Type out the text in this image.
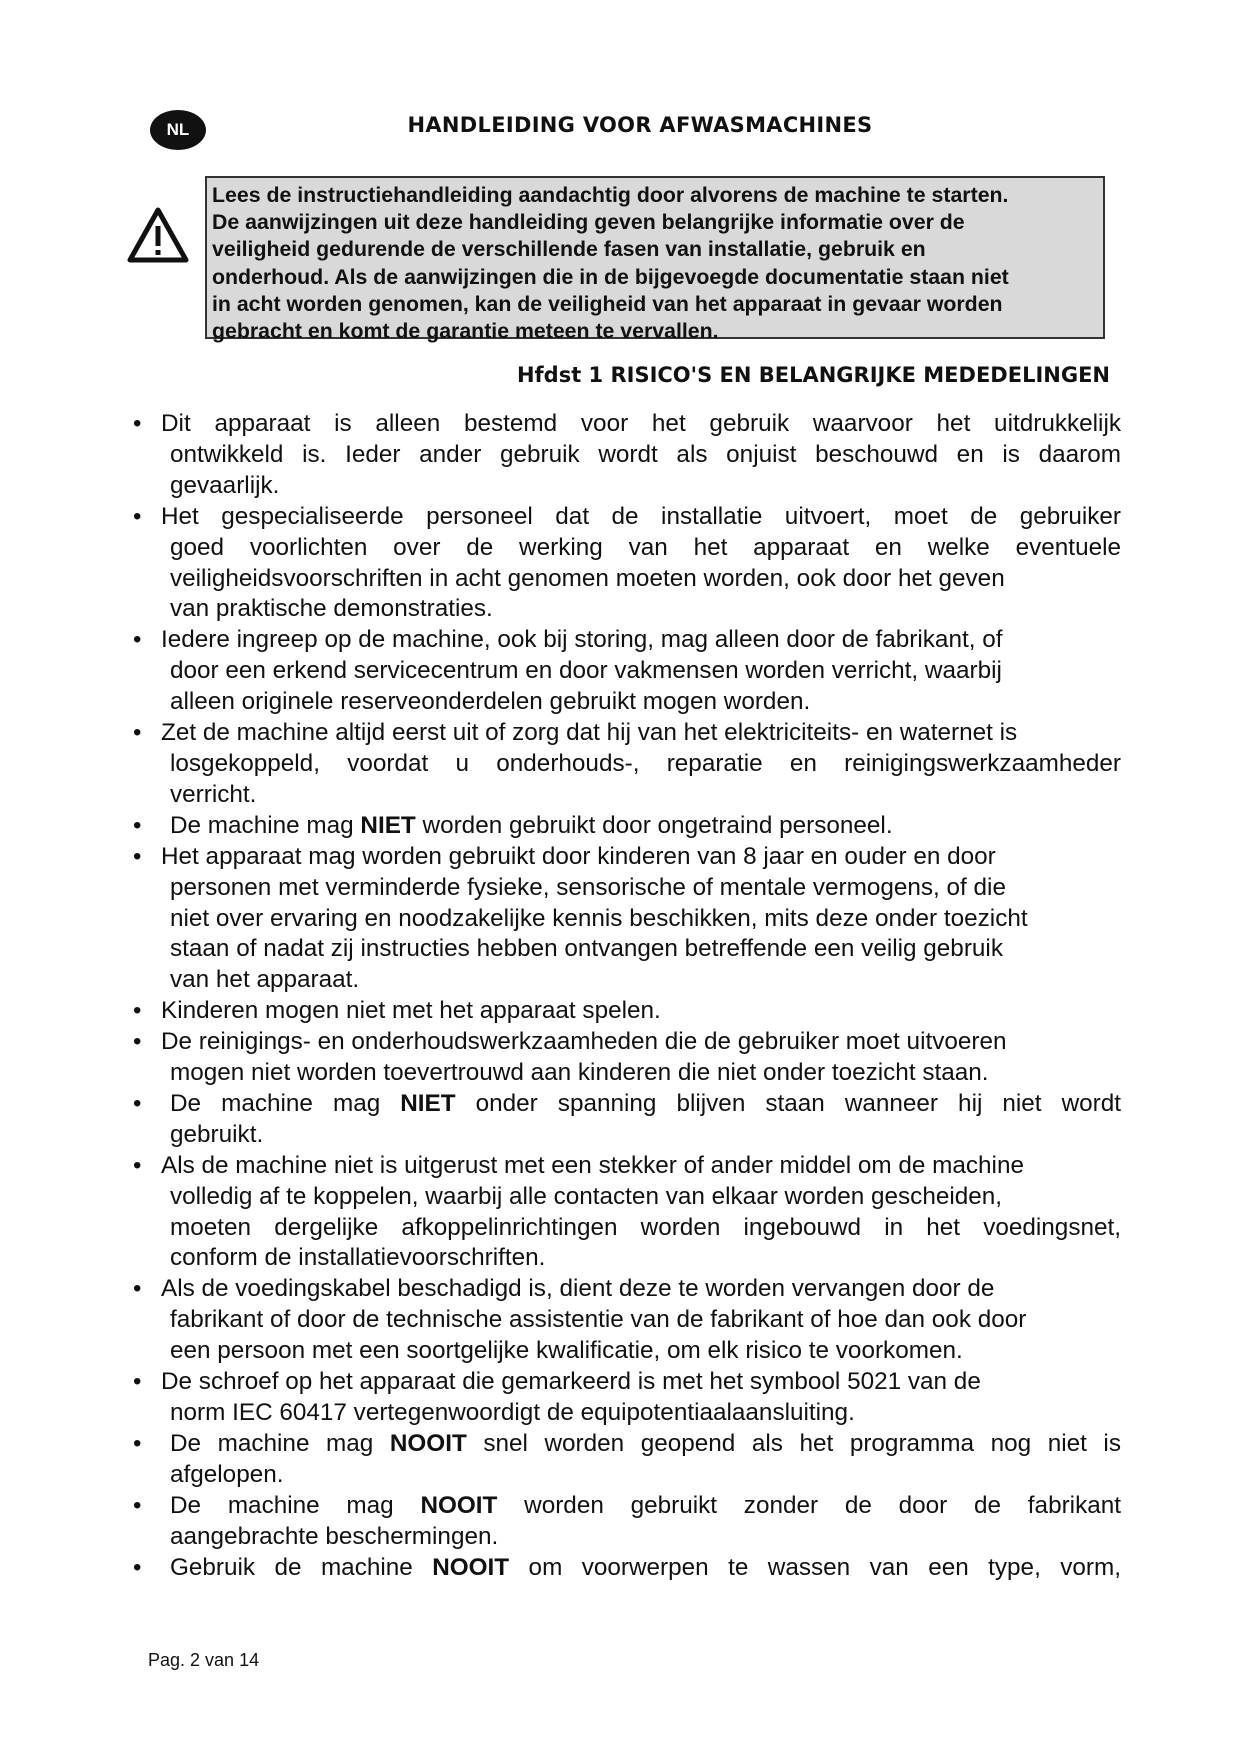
NL	HANDLEIDING VOOR AFWASMACHINES
Lees de instructiehandleiding aandachtig door alvorens de machine te starten.
De aanwijzingen uit deze handleiding geven belangrijke informatie over de
veiligheid gedurende de verschillende fasen van installatie, gebruik en
onderhoud. Als de aanwijzingen die in de bijgevoegde documentatie staan niet
in acht worden genomen, kan de veiligheid van het apparaat in gevaar worden
gebracht en komt de garantie meteen te vervallen.
Hfdst 1 RISICO'S EN BELANGRIJKE MEDEDELINGEN
• Dit apparaat is alleen bestemd voor het gebruik waarvoor het uitdrukkelijk
ontwikkeld is. Ieder ander gebruik wordt als onjuist beschouwd en is daarom
gevaarlijk.
• Het gespecialiseerde personeel dat de installatie uitvoert, moet de gebruiker
goed voorlichten over de werking van het apparaat en welke eventuele
veiligheidsvoorschriften in acht genomen moeten worden, ook door het geven
van praktische demonstraties.
• Iedere ingreep op de machine, ook bij storing, mag alleen door de fabrikant, of
door een erkend servicecentrum en door vakmensen worden verricht, waarbij
alleen originele reserveonderdelen gebruikt mogen worden.
• Zet de machine altijd eerst uit of zorg dat hij van het elektriciteits- en waternet is
losgekoppeld, voordat u onderhouds-, reparatie en reinigingswerkzaamheder
verricht.
•	De machine mag NIET worden gebruikt door ongetraind personeel.
• Het apparaat mag worden gebruikt door kinderen van 8 jaar en ouder en door
personen met verminderde fysieke, sensorische of mentale vermogens, of die
niet over ervaring en noodzakelijke kennis beschikken, mits deze onder toezicht
staan of nadat zij instructies hebben ontvangen betreffende een veilig gebruik
van het apparaat.
• Kinderen mogen niet met het apparaat spelen.
• De reinigings- en onderhoudswerkzaamheden die de gebruiker moet uitvoeren
mogen niet worden toevertrouwd aan kinderen die niet onder toezicht staan.
•	De machine mag NIET onder spanning blijven staan wanneer hij niet wordt
gebruikt.
• Als de machine niet is uitgerust met een stekker of ander middel om de machine
volledig af te koppelen, waarbij alle contacten van elkaar worden gescheiden,
moeten dergelijke afkoppelinrichtingen worden ingebouwd in het voedingsnet,
conform de installatievoorschriften.
• Als de voedingskabel beschadigd is, dient deze te worden vervangen door de
fabrikant of door de technische assistentie van de fabrikant of hoe dan ook door
een persoon met een soortgelijke kwalificatie, om elk risico te voorkomen.
• De schroef op het apparaat die gemarkeerd is met het symbool 5021 van de
norm IEC 60417 vertegenwoordigt de equipotentiaalaansluiting.
•	De machine mag NOOIT snel worden geopend als het programma nog niet is
afgelopen.
•	De machine mag NOOIT worden gebruikt zonder de door de fabrikant
aangebrachte beschermingen.
•	Gebruik de machine NOOIT om voorwerpen te wassen van een type, vorm,
Pag. 2 van 14
